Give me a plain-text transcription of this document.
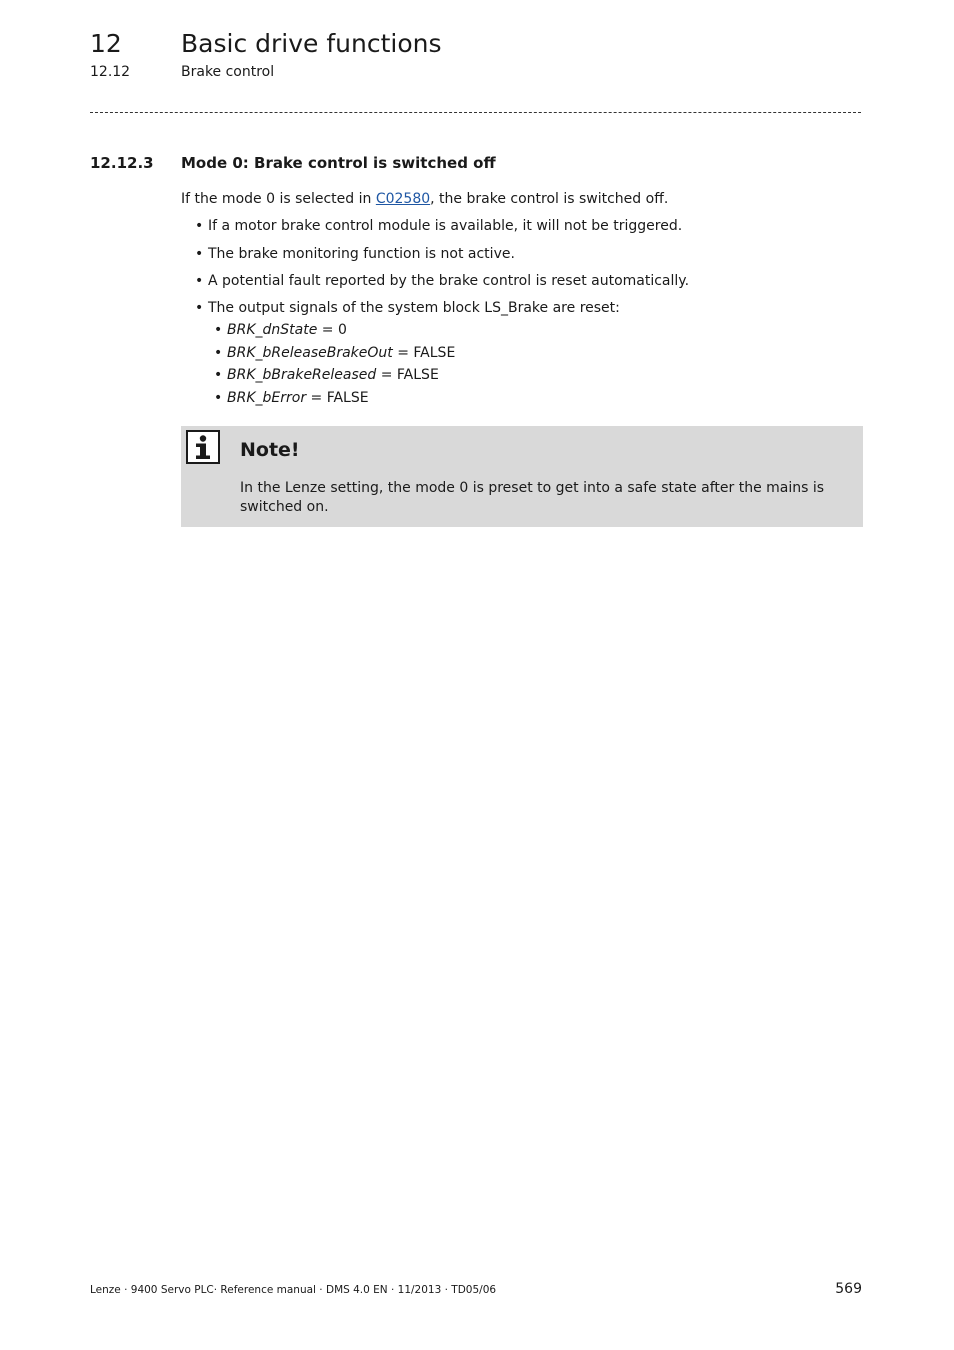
12 Basic drive functions
12.12	Brake control
12.12.3 Mode 0: Brake control is switched off
If the mode 0 is selected in C02580, the brake control is switched off.
• If a motor brake control module is available, it will not be triggered.
• The brake monitoring function is not active.
• A potential fault reported by the brake control is reset automatically.
• The output signals of the system block LS_Brake are reset:
• BRK_dnState = 0
• BRK_bReleaseBrakeOut = FALSE
• BRK_bBrakeReleased = FALSE
• BRK_bError = FALSE
Note!
In the Lenze setting, the mode 0 is preset to get into a safe state after the mains is switched on.
Lenze · 9400 Servo PLC· Reference manual · DMS 4.0 EN · 11/2013 · TD05/06	569
